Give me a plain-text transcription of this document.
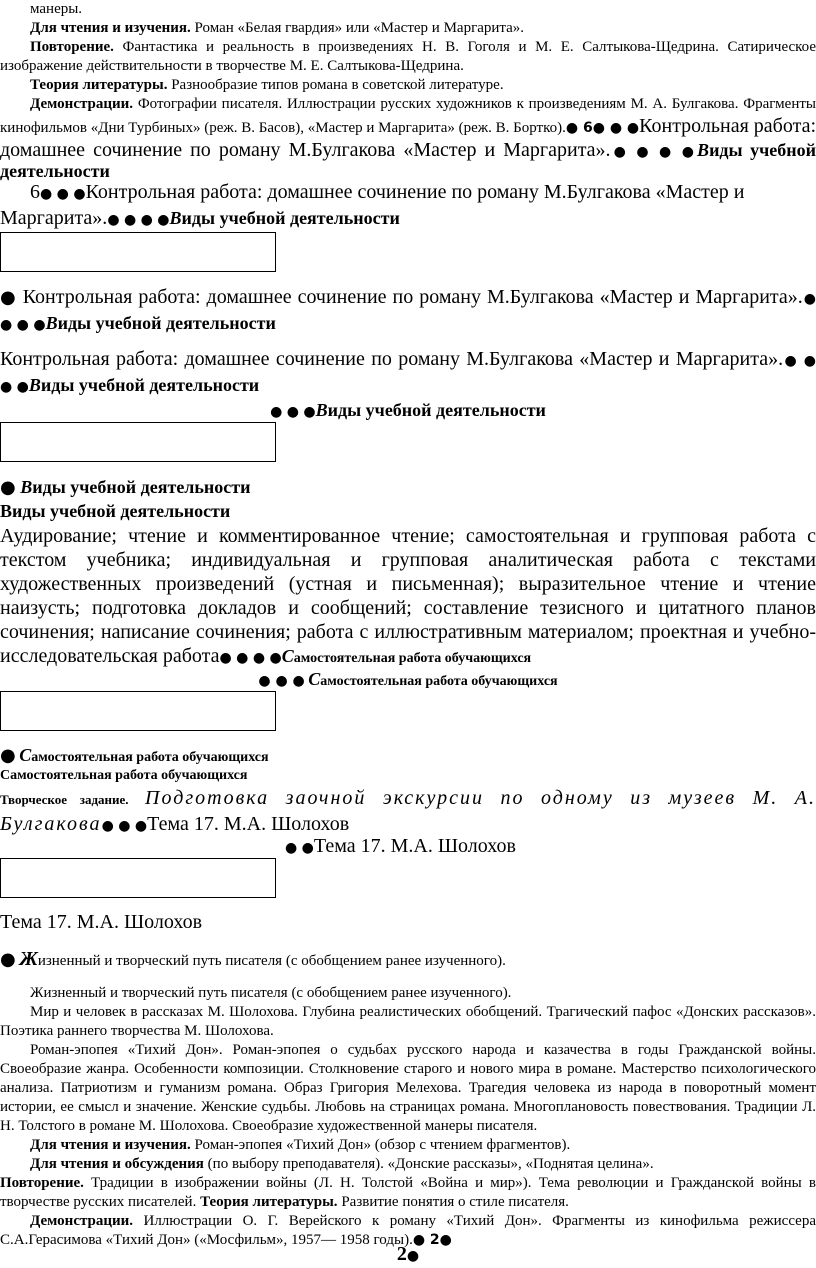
манеры.

Для чтения и изучения. Роман «Белая гвардия» или «Мастер и Маргарита».

Повторение. Фантастика и реальность в произведениях Н. В. Гоголя и М. Е. Салтыкова-Щедрина. Сатирическое изображение действительности в творчестве М. Е. Салтыкова-Щедрина.

Теория литературы. Разнообразие типов романа в советской литературе.

Демонстрации. Фотографии писателя. Иллюстрации русских художников к произведениям М. А. Булгакова. Фрагменты кинофильмов «Дни Турбиных» (реж. В. Басов), «Мастер и Маргарита» (реж. В. Бортко).● 6● ● ●Контрольная работа: домашнее сочинение по роману М.Булгакова «Мастер и Маргарита».● ● ● ●Виды учебной деятельности

6● ● ●Контрольная работа: домашнее сочинение по роману М.Булгакова «Мастер и Маргарита».● ● ● ●Виды учебной деятельности

● Контрольная работа: домашнее сочинение по роману М.Булгакова «Мастер и Маргарита».● ● ● ●Виды учебной деятельности

Контрольная работа: домашнее сочинение по роману М.Булгакова «Мастер и Маргарита».● ● ● ●Виды учебной деятельности

● ● ●Виды учебной деятельности

● Виды учебной деятельности

Виды учебной деятельности

Аудирование; чтение и комментированное чтение; самостоятельная и групповая работа с текстом учебника; индивидуальная и групповая аналитическая работа с текстами художественных произведений (устная и письменная); выразительное чтение и чтение наизусть; подготовка докладов и сообщений; составление тезисного и цитатного планов сочинения; написание сочинения; работа с иллюстративным материалом; проектная и учебно-исследовательская работа● ● ● ●Самостоятельная работа обучающихся

● ● ● Самостоятельная работа обучающихся

● Самостоятельная работа обучающихся

Самостоятельная работа обучающихся

Творческое задание. Подготовка заочной экскурсии по одному из музеев М. А. Булгакова● ● ●Тема 17. М.А. Шолохов

● ●Тема 17. М.А. Шолохов

Тема 17. М.А. Шолохов

● Жизненный и творческий путь писателя (с обобщением ранее изученного).

Жизненный и творческий путь писателя (с обобщением ранее изученного).

Мир и человек в рассказах М. Шолохова. Глубина реалистических обобщений. Трагический пафос «Донских рассказов». Поэтика раннего творчества М. Шолохова.

Роман-эпопея «Тихий Дон». Роман-эпопея о судьбах русского народа и казачества в годы Гражданской войны. Своеобразие жанра. Особенности композиции. Столкновение старого и нового мира в романе. Мастерство психологического анализа. Патриотизм и гуманизм романа. Образ Григория Мелехова. Трагедия человека из народа в поворотный момент истории, ее смысл и значение. Женские судьбы. Любовь на страницах романа. Многоплановость повествования. Традиции Л. Н. Толстого в романе М. Шолохова. Своеобразие художественной манеры писателя.

Для чтения и изучения. Роман-эпопея «Тихий Дон» (обзор с чтением фрагментов).

Для чтения и обсуждения (по выбору преподавателя). «Донские рассказы», «Поднятая целина».

Повторение. Традиции в изображении войны (Л. Н. Толстой «Война и мир»). Тема революции и Гражданской войны в творчестве русских писателей. Теория литературы. Развитие понятия о стиле писателя.

Демонстрации. Иллюстрации О. Г. Верейского к роману «Тихий Дон». Фрагменты из кинофильма режиссера С.А.Герасимова «Тихий Дон» («Мосфильм», 1957— 1958 годы).● 2●

2●
